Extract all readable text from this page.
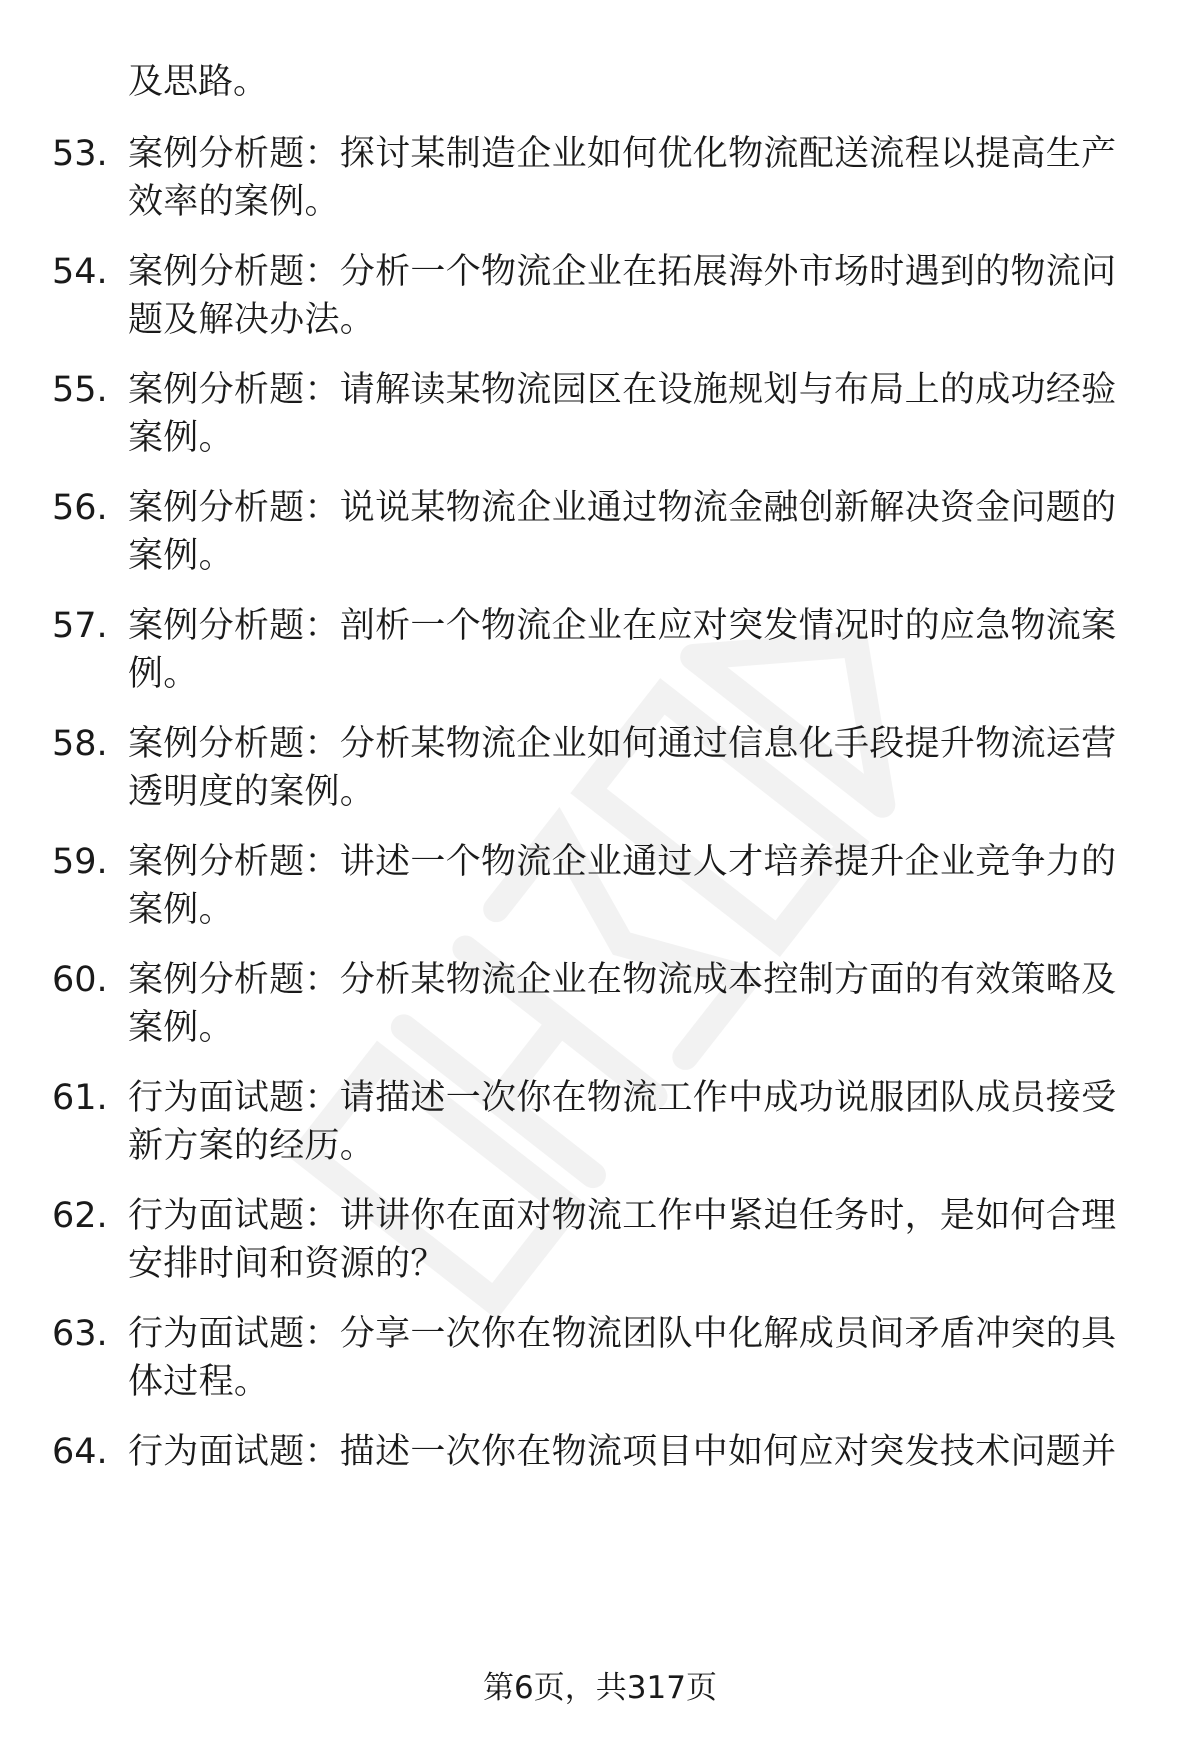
及思路。
53. 案例分析题：探讨某制造企业如何优化物流配送流程以提高生产效率的案例。
54. 案例分析题：分析一个物流企业在拓展海外市场时遇到的物流问题及解决办法。
55. 案例分析题：请解读某物流园区在设施规划与布局上的成功经验案例。
56. 案例分析题：说说某物流企业通过物流金融创新解决资金问题的案例。
57. 案例分析题：剖析一个物流企业在应对突发情况时的应急物流案例。
58. 案例分析题：分析某物流企业如何通过信息化手段提升物流运营透明度的案例。
59. 案例分析题：讲述一个物流企业通过人才培养提升企业竞争力的案例。
60. 案例分析题：分析某物流企业在物流成本控制方面的有效策略及案例。
61. 行为面试题：请描述一次你在物流工作中成功说服团队成员接受新方案的经历。
62. 行为面试题：讲讲你在面对物流工作中紧迫任务时，是如何合理安排时间和资源的？
63. 行为面试题：分享一次你在物流团队中化解成员间矛盾冲突的具体过程。
64. 行为面试题：描述一次你在物流项目中如何应对突发技术问题并
第6页，共317页
